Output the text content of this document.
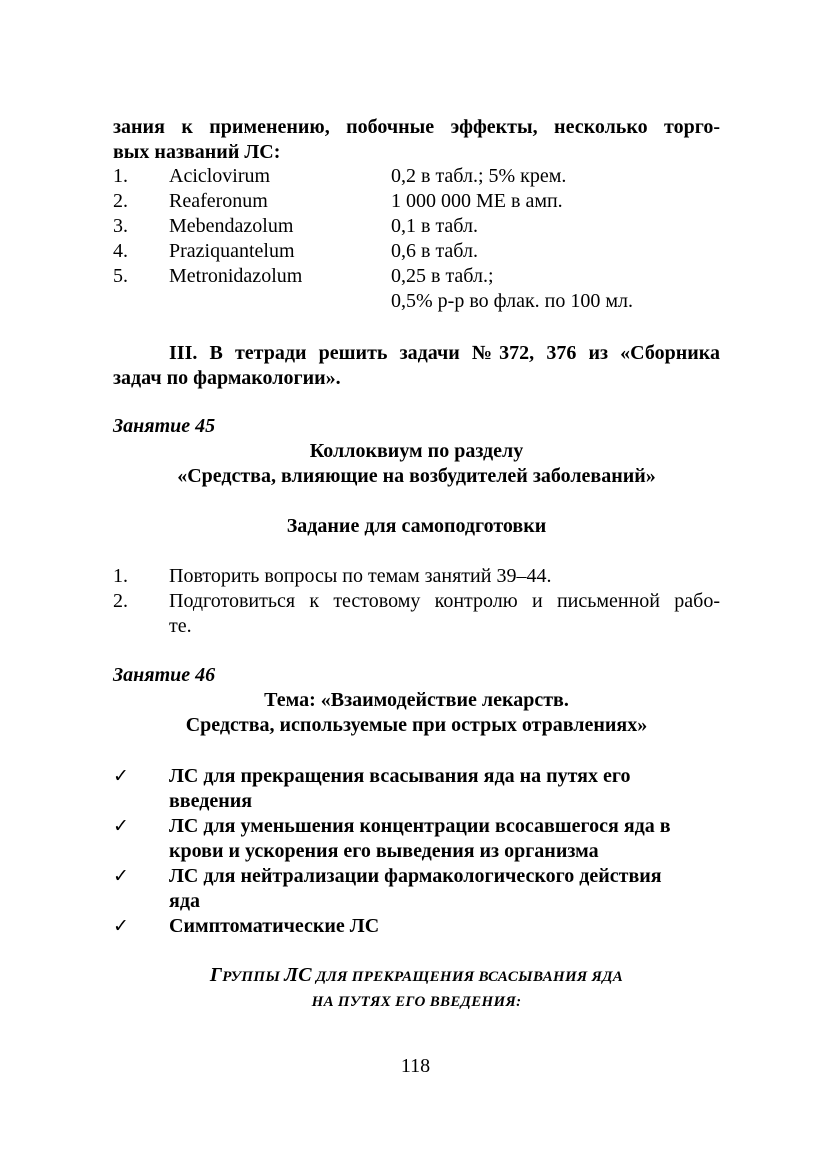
зания к применению, побочные эффекты, несколько торго-
вых названий ЛС:
1. Aciclovirum	0,2 в табл.; 5% крем.
2. Reaferonum	1 000 000 МЕ в амп.
3. Mebendazolum	0,1 в табл.
4. Praziquantelum	0,6 в табл.
5. Metronidazolum	0,25 в табл.;
0,5% р-р во флак. по 100 мл.
III. В тетради решить задачи №372, 376 из «Сборника
задач по фармакологии».
Занятие 45
Коллоквиум по разделу
«Средства, влияющие на возбудителей заболеваний»
Задание для самоподготовки
1. Повторить вопросы по темам занятий 39–44.
2. Подготовиться к тестовому контролю и письменной рабо-
те.
Занятие 46
Тема: «Взаимодействие лекарств.
Средства, используемые при острых отравлениях»
✓ ЛС для прекращения всасывания яда на путях его
введения
✓ ЛС для уменьшения концентрации всосавшегося яда в
крови и ускорения его выведения из организма
✓ ЛС для нейтрализации фармакологического действия
яда
✓ Симптоматические ЛС
ГРУППЫ ЛС ДЛЯ ПРЕКРАЩЕНИЯ ВСАСЫВАНИЯ ЯДА
НА ПУТЯХ ЕГО ВВЕДЕНИЯ:
118
